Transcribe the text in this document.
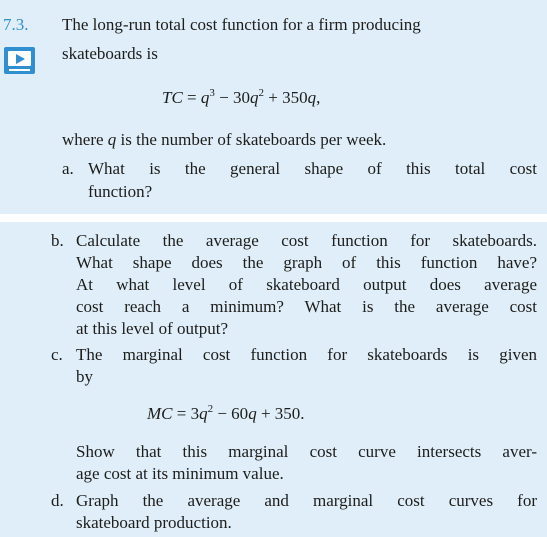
7.3. The long-run total cost function for a firm producing
skateboards is
TC = $q^3 - 30q^2 + 350q$,
where q is the number of skateboards per week.
a. What is the general shape of this total cost
function?
b. Calculate the average cost function for skateboards.
What shape does the graph of this function have?
At what level of skateboard output does average
cost reach a minimum? What is the average cost
at this level of output?
c. The marginal cost function for skateboards is given
by
MC = $3q^2 - 60q + 350$.
Show that this marginal cost curve intersects aver-
age cost at its minimum value.
d. Graph the average and marginal cost curves for
skateboard production.
